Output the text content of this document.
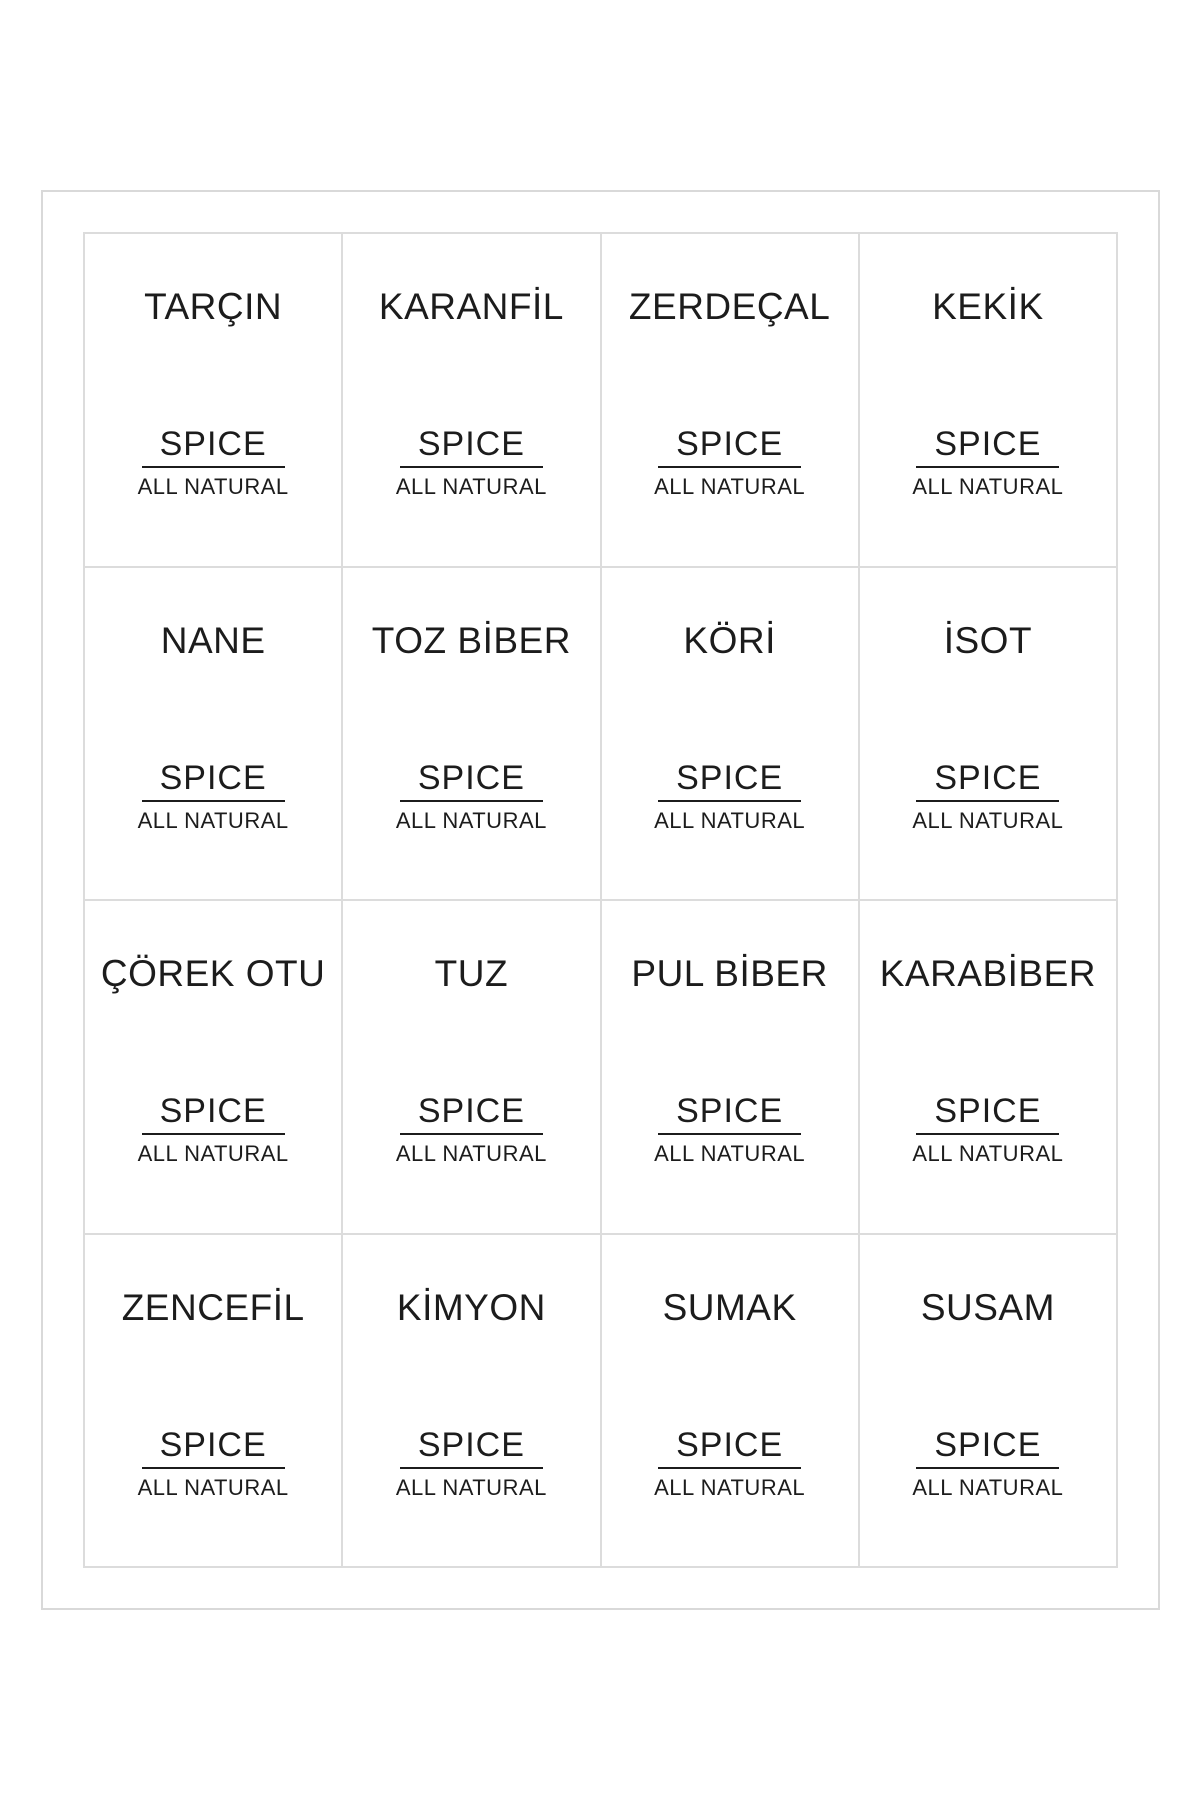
TARÇIN
SPICE
ALL NATURAL
KARANFİL
SPICE
ALL NATURAL
ZERDEÇAL
SPICE
ALL NATURAL
KEKİK
SPICE
ALL NATURAL
NANE
SPICE
ALL NATURAL
TOZ BİBER
SPICE
ALL NATURAL
KÖRİ
SPICE
ALL NATURAL
İSOT
SPICE
ALL NATURAL
ÇÖREK OTU
SPICE
ALL NATURAL
TUZ
SPICE
ALL NATURAL
PUL BİBER
SPICE
ALL NATURAL
KARABİBER
SPICE
ALL NATURAL
ZENCEFİL
SPICE
ALL NATURAL
KİMYON
SPICE
ALL NATURAL
SUMAK
SPICE
ALL NATURAL
SUSAM
SPICE
ALL NATURAL
